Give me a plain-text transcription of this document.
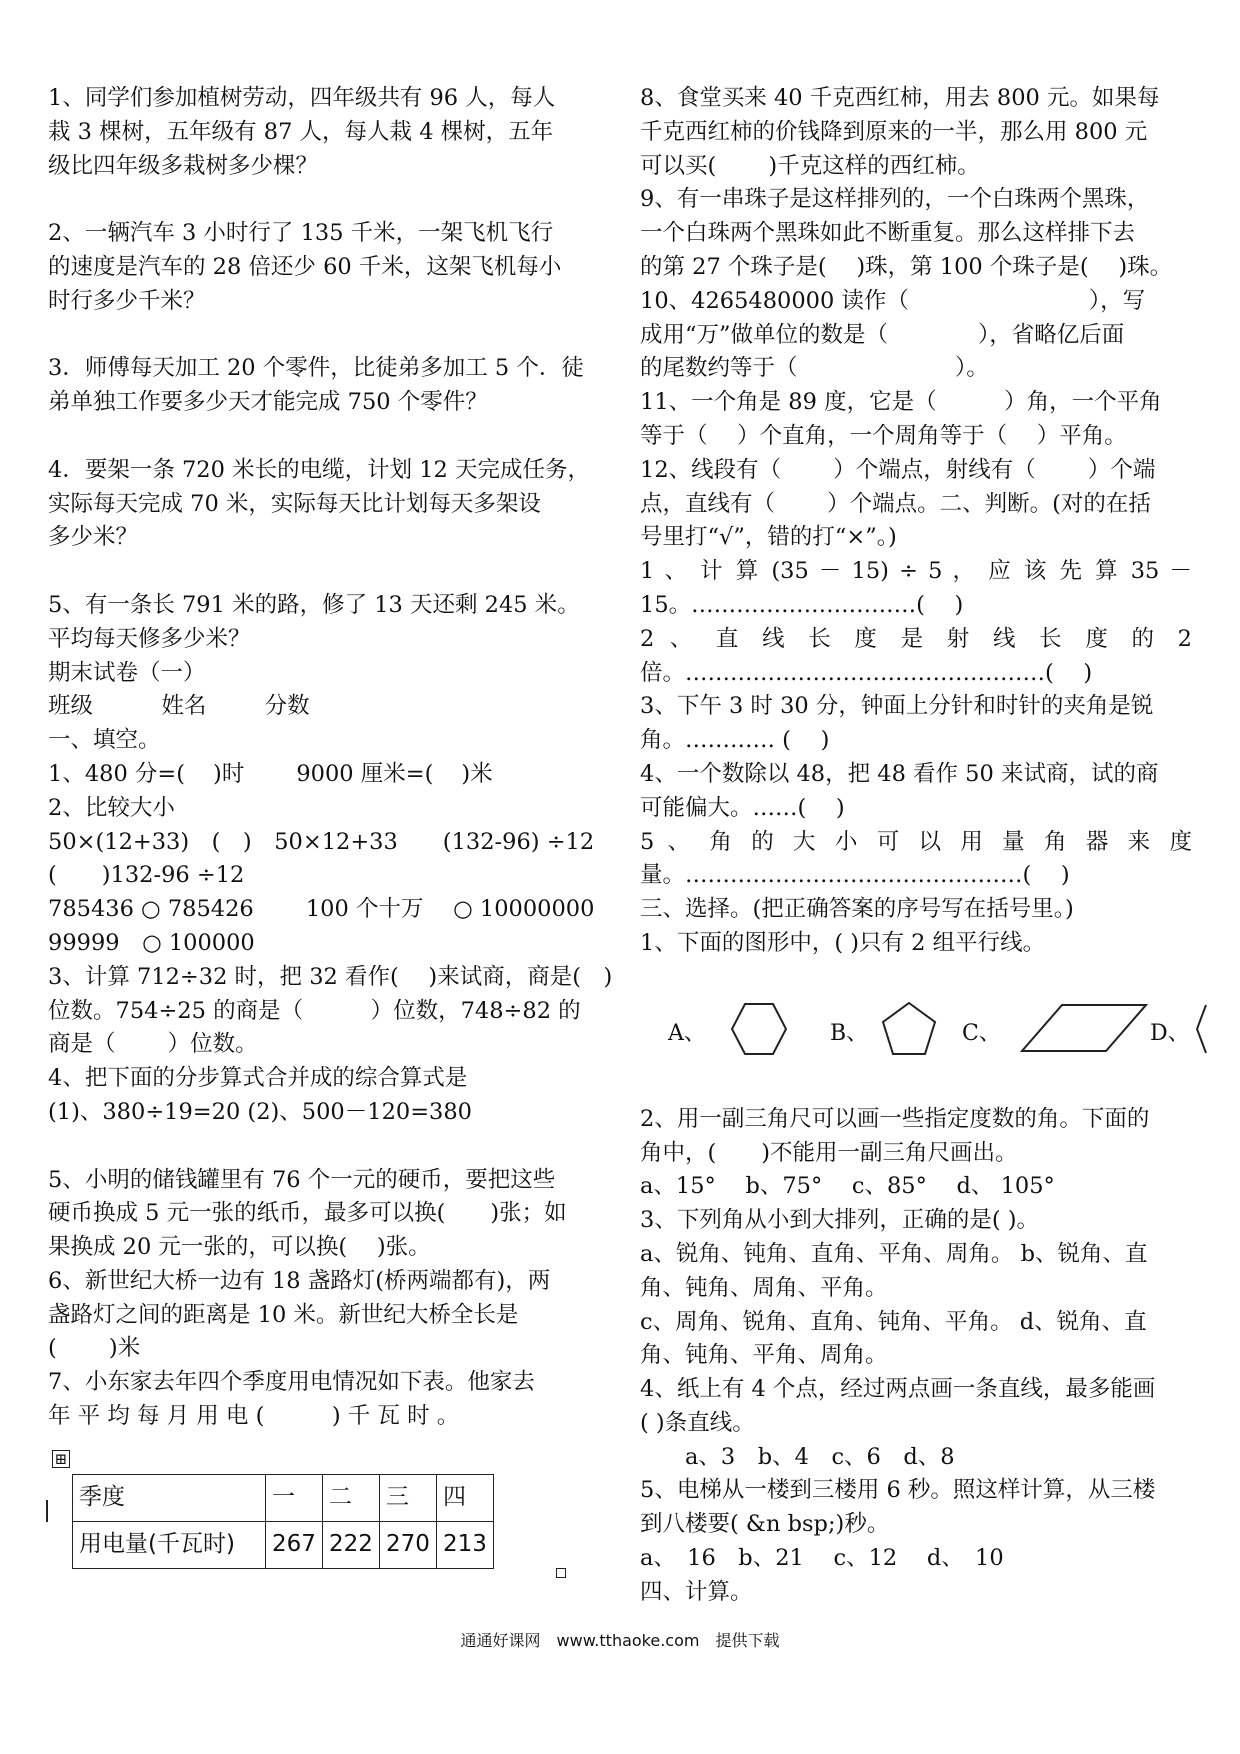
1、同学们参加植树劳动，四年级共有 96 人，每人
栽 3 棵树，五年级有 87 人，每人栽 4 棵树，五年
级比四年级多栽树多少棵？
2、一辆汽车 3 小时行了 135 千米，一架飞机飞行
的速度是汽车的 28 倍还少 60 千米，这架飞机每小
时行多少千米？
3．师傅每天加工 20 个零件，比徒弟多加工 5 个．徒
弟单独工作要多少天才能完成 750 个零件？
4．要架一条 720 米长的电缆，计划 12 天完成任务，
实际每天完成 70 米，实际每天比计划每天多架设
多少米？
5、有一条长 791 米的路，修了 13 天还剩 245 米。
平均每天修多少米？
期末试卷（一）
班级	姓名	分数
一、填空。
1、480 分=( )时 9000 厘米=( )米
2、比较大小
50×(12+33)　(　)　50×12+33　　(132-96) ÷12
(　　)132-96 ÷12
785436 ○ 785426　　 100 个十万　 ○ 10000000
99999　○ 100000
3、计算 712÷32 时，把 32 看作(　 )来试商，商是(　)
位数。754÷25 的商是（　　　）位数，748÷82 的
商是（　　 ）位数。
4、把下面的分步算式合并成的综合算式是
(1)、380÷19=20 (2)、500－120=380
5、小明的储钱罐里有 76 个一元的硬币，要把这些
硬币换成 5 元一张的纸币，最多可以换(　　)张；如
果换成 20 元一张的，可以换(　 )张。
6、新世纪大桥一边有 18 盏路灯(桥两端都有)，两
盏路灯之间的距离是 10 米。新世纪大桥全长是
(　　 )米
7、小东家去年四个季度用电情况如下表。他家去
年 平 均 每 月 用 电 (　　　) 千 瓦 时 。
⊞
季度	一	二	三	四
用电量(千瓦时)	267	222	270	213
8、食堂买来 40 千克西红柿，用去 800 元。如果每
千克西红柿的价钱降到原来的一半，那么用 800 元
可以买(　　 )千克这样的西红柿。
9、有一串珠子是这样排列的，一个白珠两个黑珠，
一个白珠两个黑珠如此不断重复。那么这样排下去
的第 27 个珠子是(　 )珠，第 100 个珠子是(　 )珠。
10、4265480000 读作（　　　　　　　　），写
成用“万”做单位的数是（　　　　），省略亿后面
的尾数约等于（　　　　　　　）。
11、一个角是 89 度，它是（　　　）角，一个平角
等于（　 ）个直角，一个周角等于（　 ）平角。
12、线段有（　　 ）个端点，射线有（　　 ）个端
点，直线有（　　 ）个端点。二、判断。(对的在括
号里打“√”，错的打“×”。)
1 、 计 算 (35 － 15) ÷ 5 ， 应 该 先 算 35 －
15。…………………………(　 )
2 、 直 线 长 度 是 射 线 长 度 的 2
倍。…………………………………………(　 )
3、下午 3 时 30 分，钟面上分针和时针的夹角是锐
角。………… (　 )
4、一个数除以 48，把 48 看作 50 来试商，试的商
可能偏大。……(　 )
5 、 角 的 大 小 可 以 用 量 角 器 来 度
量。………………………………………(　 )
三、选择。(把正确答案的序号写在括号里。)
1、下面的图形中，( )只有 2 组平行线。
A、	B、	C、	D、
2、用一副三角尺可以画一些指定度数的角。下面的
角中，(　　)不能用一副三角尺画出。
a、15°　 b、75°　 c、85°　 d、 105°
3、下列角从小到大排列，正确的是( )。
a、锐角、钝角、直角、平角、周角。 b、锐角、直
角、钝角、周角、平角。
c、周角、锐角、直角、钝角、平角。 d、锐角、直
角、钝角、平角、周角。
4、纸上有 4 个点，经过两点画一条直线，最多能画
( )条直线。
　　a、3　b、4　c、6　d、8
5、电梯从一楼到三楼用 6 秒。照这样计算，从三楼
到八楼要( &n bsp;)秒。
a、　16　b、21　 c、12　 d、　10
四、计算。
通通好课网　www.tthaoke.com　提供下载
